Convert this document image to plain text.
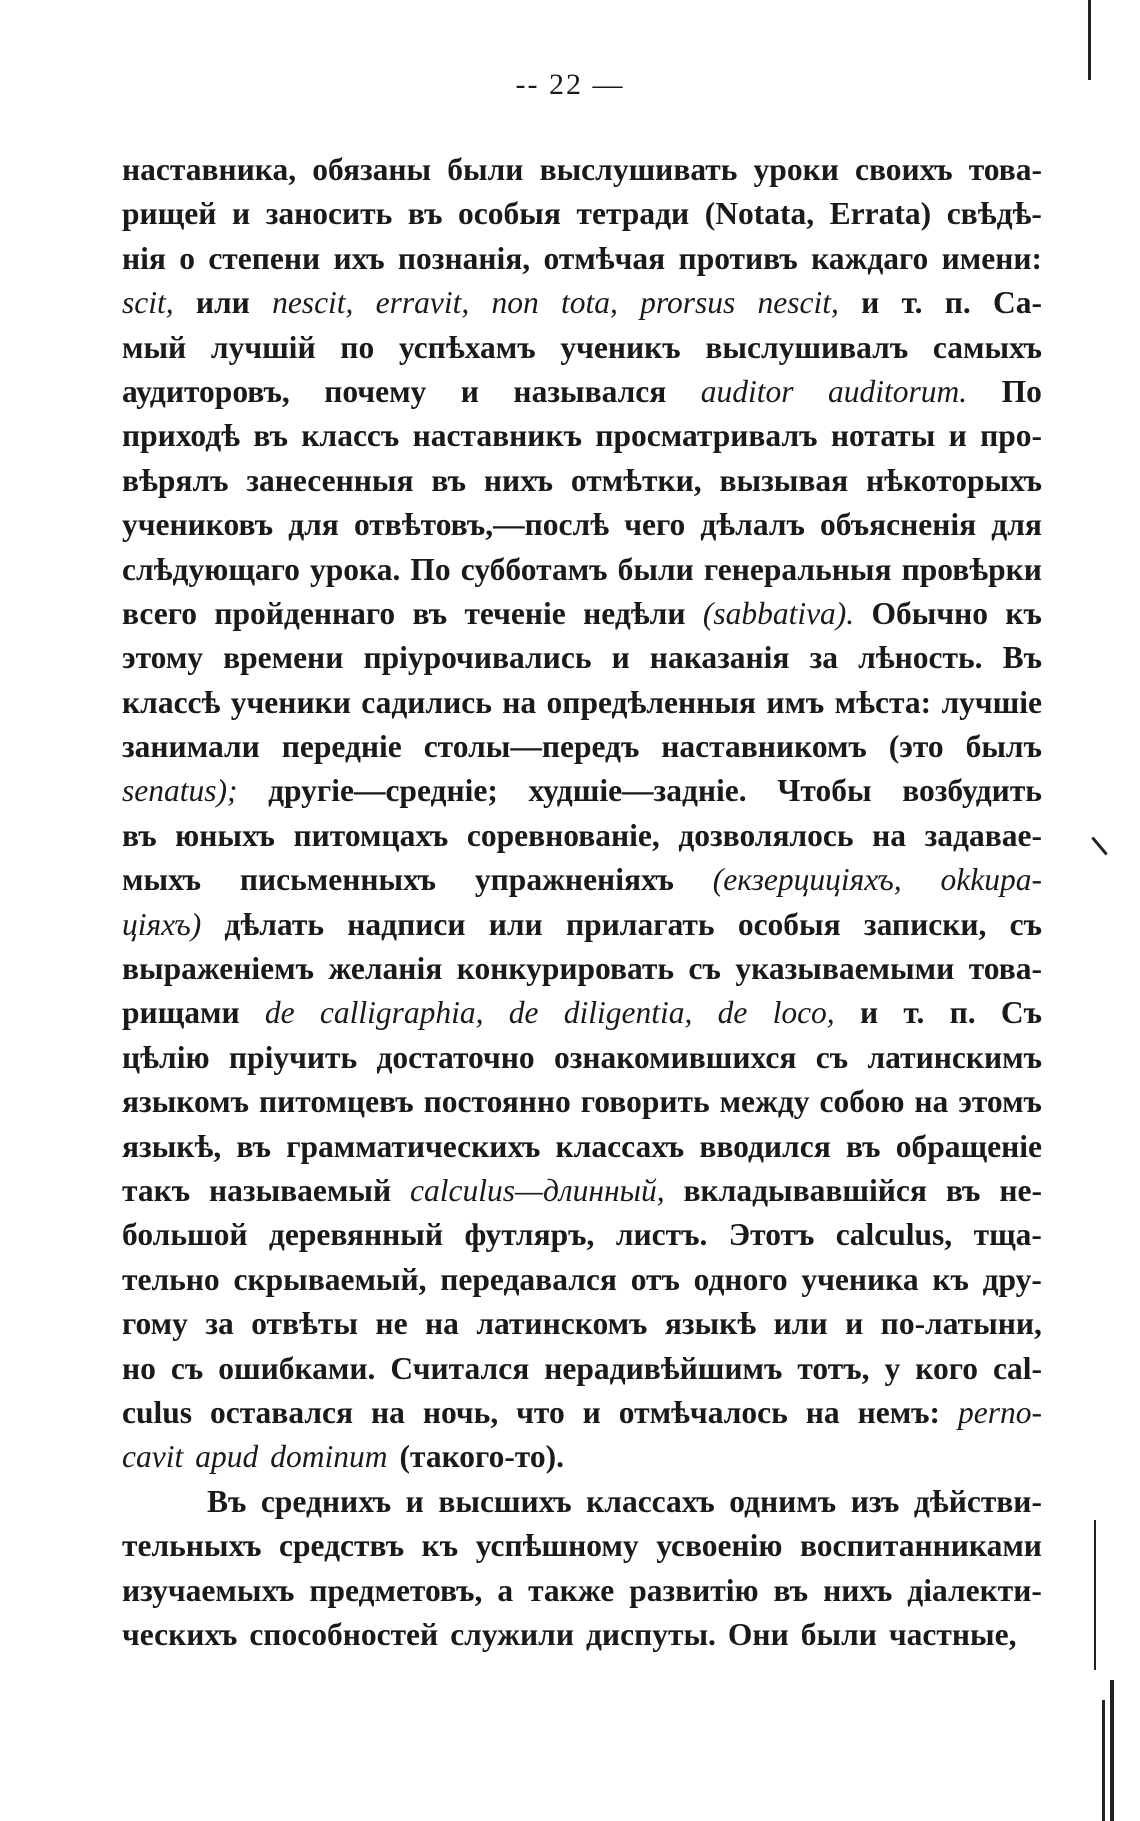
-- 22 —
наставника, обязаны были выслушивать уроки своихъ това-
рищей и заносить въ особыя тетради (Notata, Errata) свѣдѣ-
нія о степени ихъ познанія, отмѣчая противъ каждаго имени:
scit, или nescit, erravit, non tota, prorsus nescit, и т. п. Са-
мый лучшій по успѣхамъ ученикъ выслушивалъ самыхъ
аудиторовъ, почему и назывался auditor auditorum. По
приходѣ въ классъ наставникъ просматривалъ нотаты и про-
вѣрялъ занесенныя въ нихъ отмѣтки, вызывая нѣкоторыхъ
учениковъ для отвѣтовъ,—послѣ чего дѣлалъ объясненія для
слѣдующаго урока. По субботамъ были генеральныя провѣрки
всего пройденнаго въ теченіе недѣли (sabbativa). Обычно къ
этому времени пріурочивались и наказанія за лѣность. Въ
классѣ ученики садились на опредѣленныя имъ мѣста: лучшіе
занимали передніе столы—передъ наставникомъ (это былъ
senatus); другіе—средніе; худшіе—задніе. Чтобы возбудить
въ юныхъ питомцахъ соревнованіе, дозволялось на задавае-
мыхъ письменныхъ упражненіяхъ (екзерциціяхъ, okkupa-
ціяхъ) дѣлать надписи или прилагать особыя записки, съ
выраженіемъ желанія конкурировать съ указываемыми това-
рищами de calligraphia, de diligentia, de loco, и т. п. Съ
цѣлію пріучить достаточно ознакомившихся съ латинскимъ
языкомъ питомцевъ постоянно говорить между собою на этомъ
языкѣ, въ грамматическихъ классахъ вводился въ обращеніе
такъ называемый calculus—длинный, вкладывавшійся въ не-
большой деревянный футляръ, листъ. Этотъ calculus, тща-
тельно скрываемый, передавался отъ одного ученика къ дру-
гому за отвѣты не на латинскомъ языкѣ или и по-латыни,
но съ ошибками. Считался нерадивѣйшимъ тотъ, у кого cal-
culus оставался на ночь, что и отмѣчалось на немъ: perno-
cavit apud dominum (такого-то).
Въ среднихъ и высшихъ классахъ однимъ изъ дѣйстви-
тельныхъ средствъ къ успѣшному усвоенію воспитанниками
изучаемыхъ предметовъ, а также развитію въ нихъ діалекти-
ческихъ способностей служили диспуты. Они были частные,
